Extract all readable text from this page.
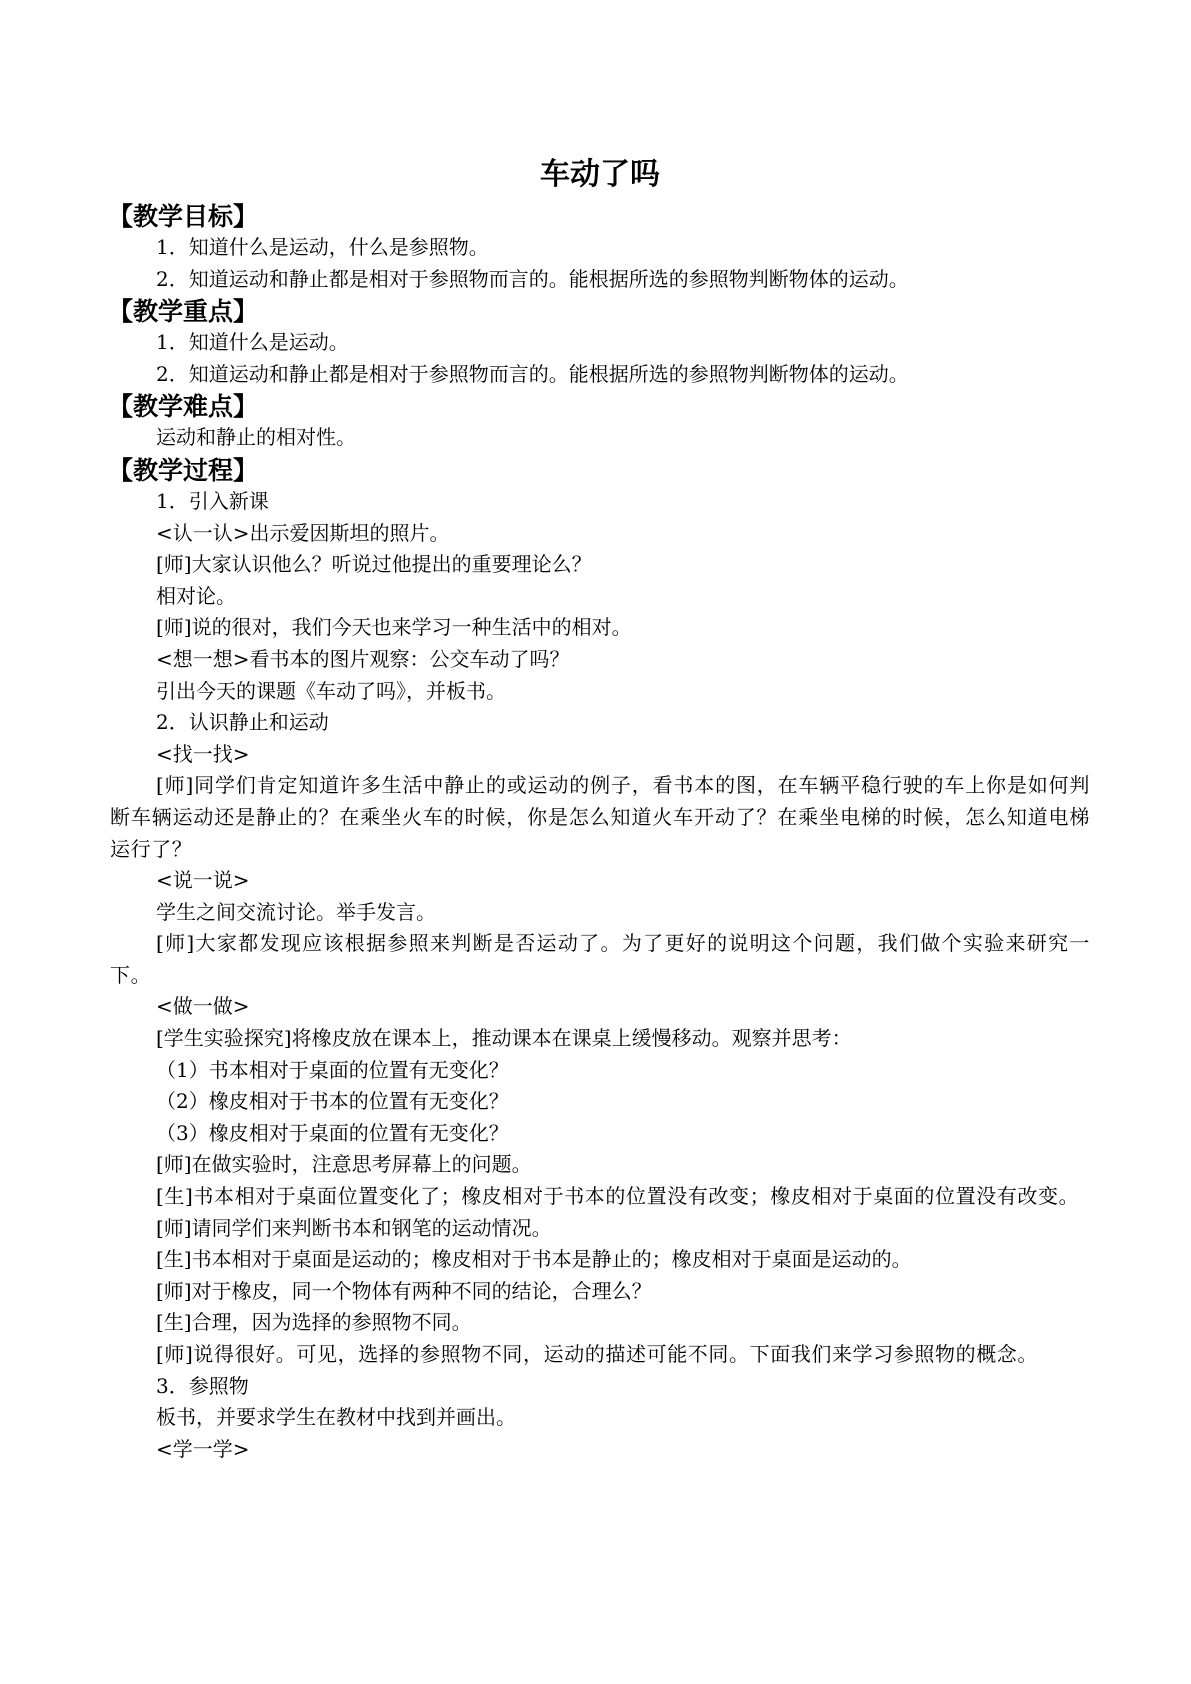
车动了吗
【教学目标】
1．知道什么是运动，什么是参照物。
2．知道运动和静止都是相对于参照物而言的。能根据所选的参照物判断物体的运动。
【教学重点】
1．知道什么是运动。
2．知道运动和静止都是相对于参照物而言的。能根据所选的参照物判断物体的运动。
【教学难点】
运动和静止的相对性。
【教学过程】
1．引入新课
<认一认>出示爱因斯坦的照片。
[师]大家认识他么？听说过他提出的重要理论么？
相对论。
[师]说的很对，我们今天也来学习一种生活中的相对。
<想一想>看书本的图片观察：公交车动了吗？
引出今天的课题《车动了吗》，并板书。
2．认识静止和运动
<找一找>
[师]同学们肯定知道许多生活中静止的或运动的例子，看书本的图，在车辆平稳行驶的车上你是如何判断车辆运动还是静止的？在乘坐火车的时候，你是怎么知道火车开动了？在乘坐电梯的时候，怎么知道电梯运行了？
<说一说>
学生之间交流讨论。举手发言。
[师]大家都发现应该根据参照来判断是否运动了。为了更好的说明这个问题，我们做个实验来研究一下。
<做一做>
[学生实验探究]将橡皮放在课本上，推动课本在课桌上缓慢移动。观察并思考：
（1）书本相对于桌面的位置有无变化？
（2）橡皮相对于书本的位置有无变化？
（3）橡皮相对于桌面的位置有无变化？
[师]在做实验时，注意思考屏幕上的问题。
[生]书本相对于桌面位置变化了；橡皮相对于书本的位置没有改变；橡皮相对于桌面的位置没有改变。
[师]请同学们来判断书本和钢笔的运动情况。
[生]书本相对于桌面是运动的；橡皮相对于书本是静止的；橡皮相对于桌面是运动的。
[师]对于橡皮，同一个物体有两种不同的结论，合理么？
[生]合理，因为选择的参照物不同。
[师]说得很好。可见，选择的参照物不同，运动的描述可能不同。下面我们来学习参照物的概念。
3．参照物
板书，并要求学生在教材中找到并画出。
<学一学>
